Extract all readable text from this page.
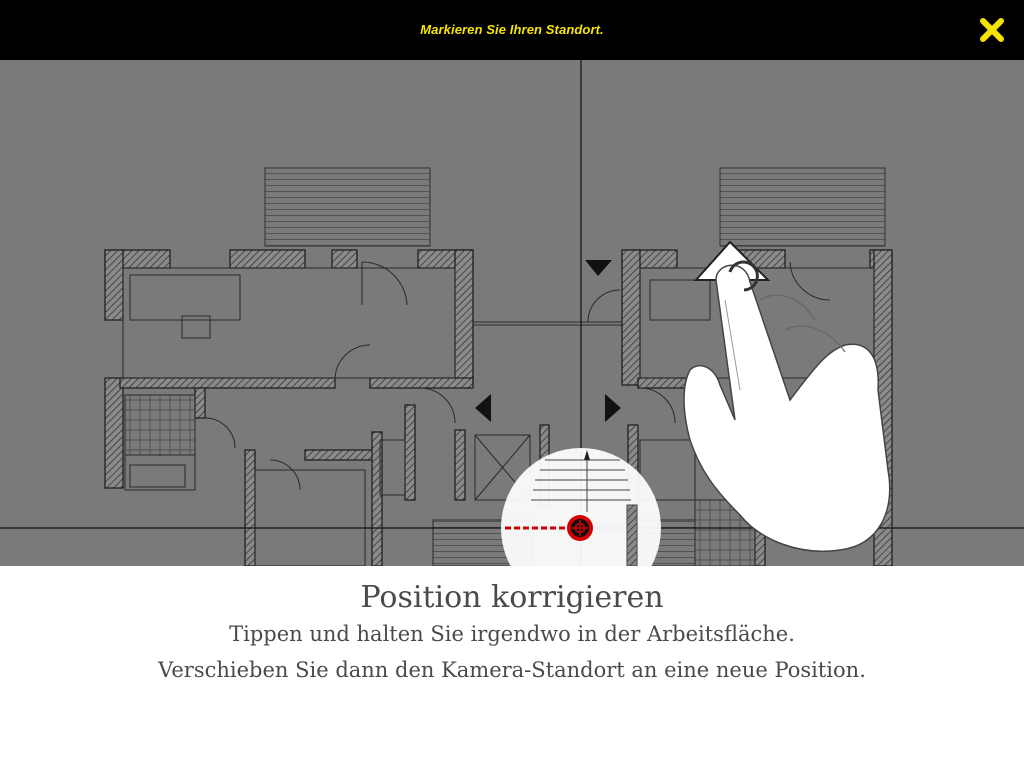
Markieren Sie Ihren Standort.
Position korrigieren
Tippen und halten Sie irgendwo in der Arbeitsfläche.
Verschieben Sie dann den Kamera-Standort an eine neue Position.
